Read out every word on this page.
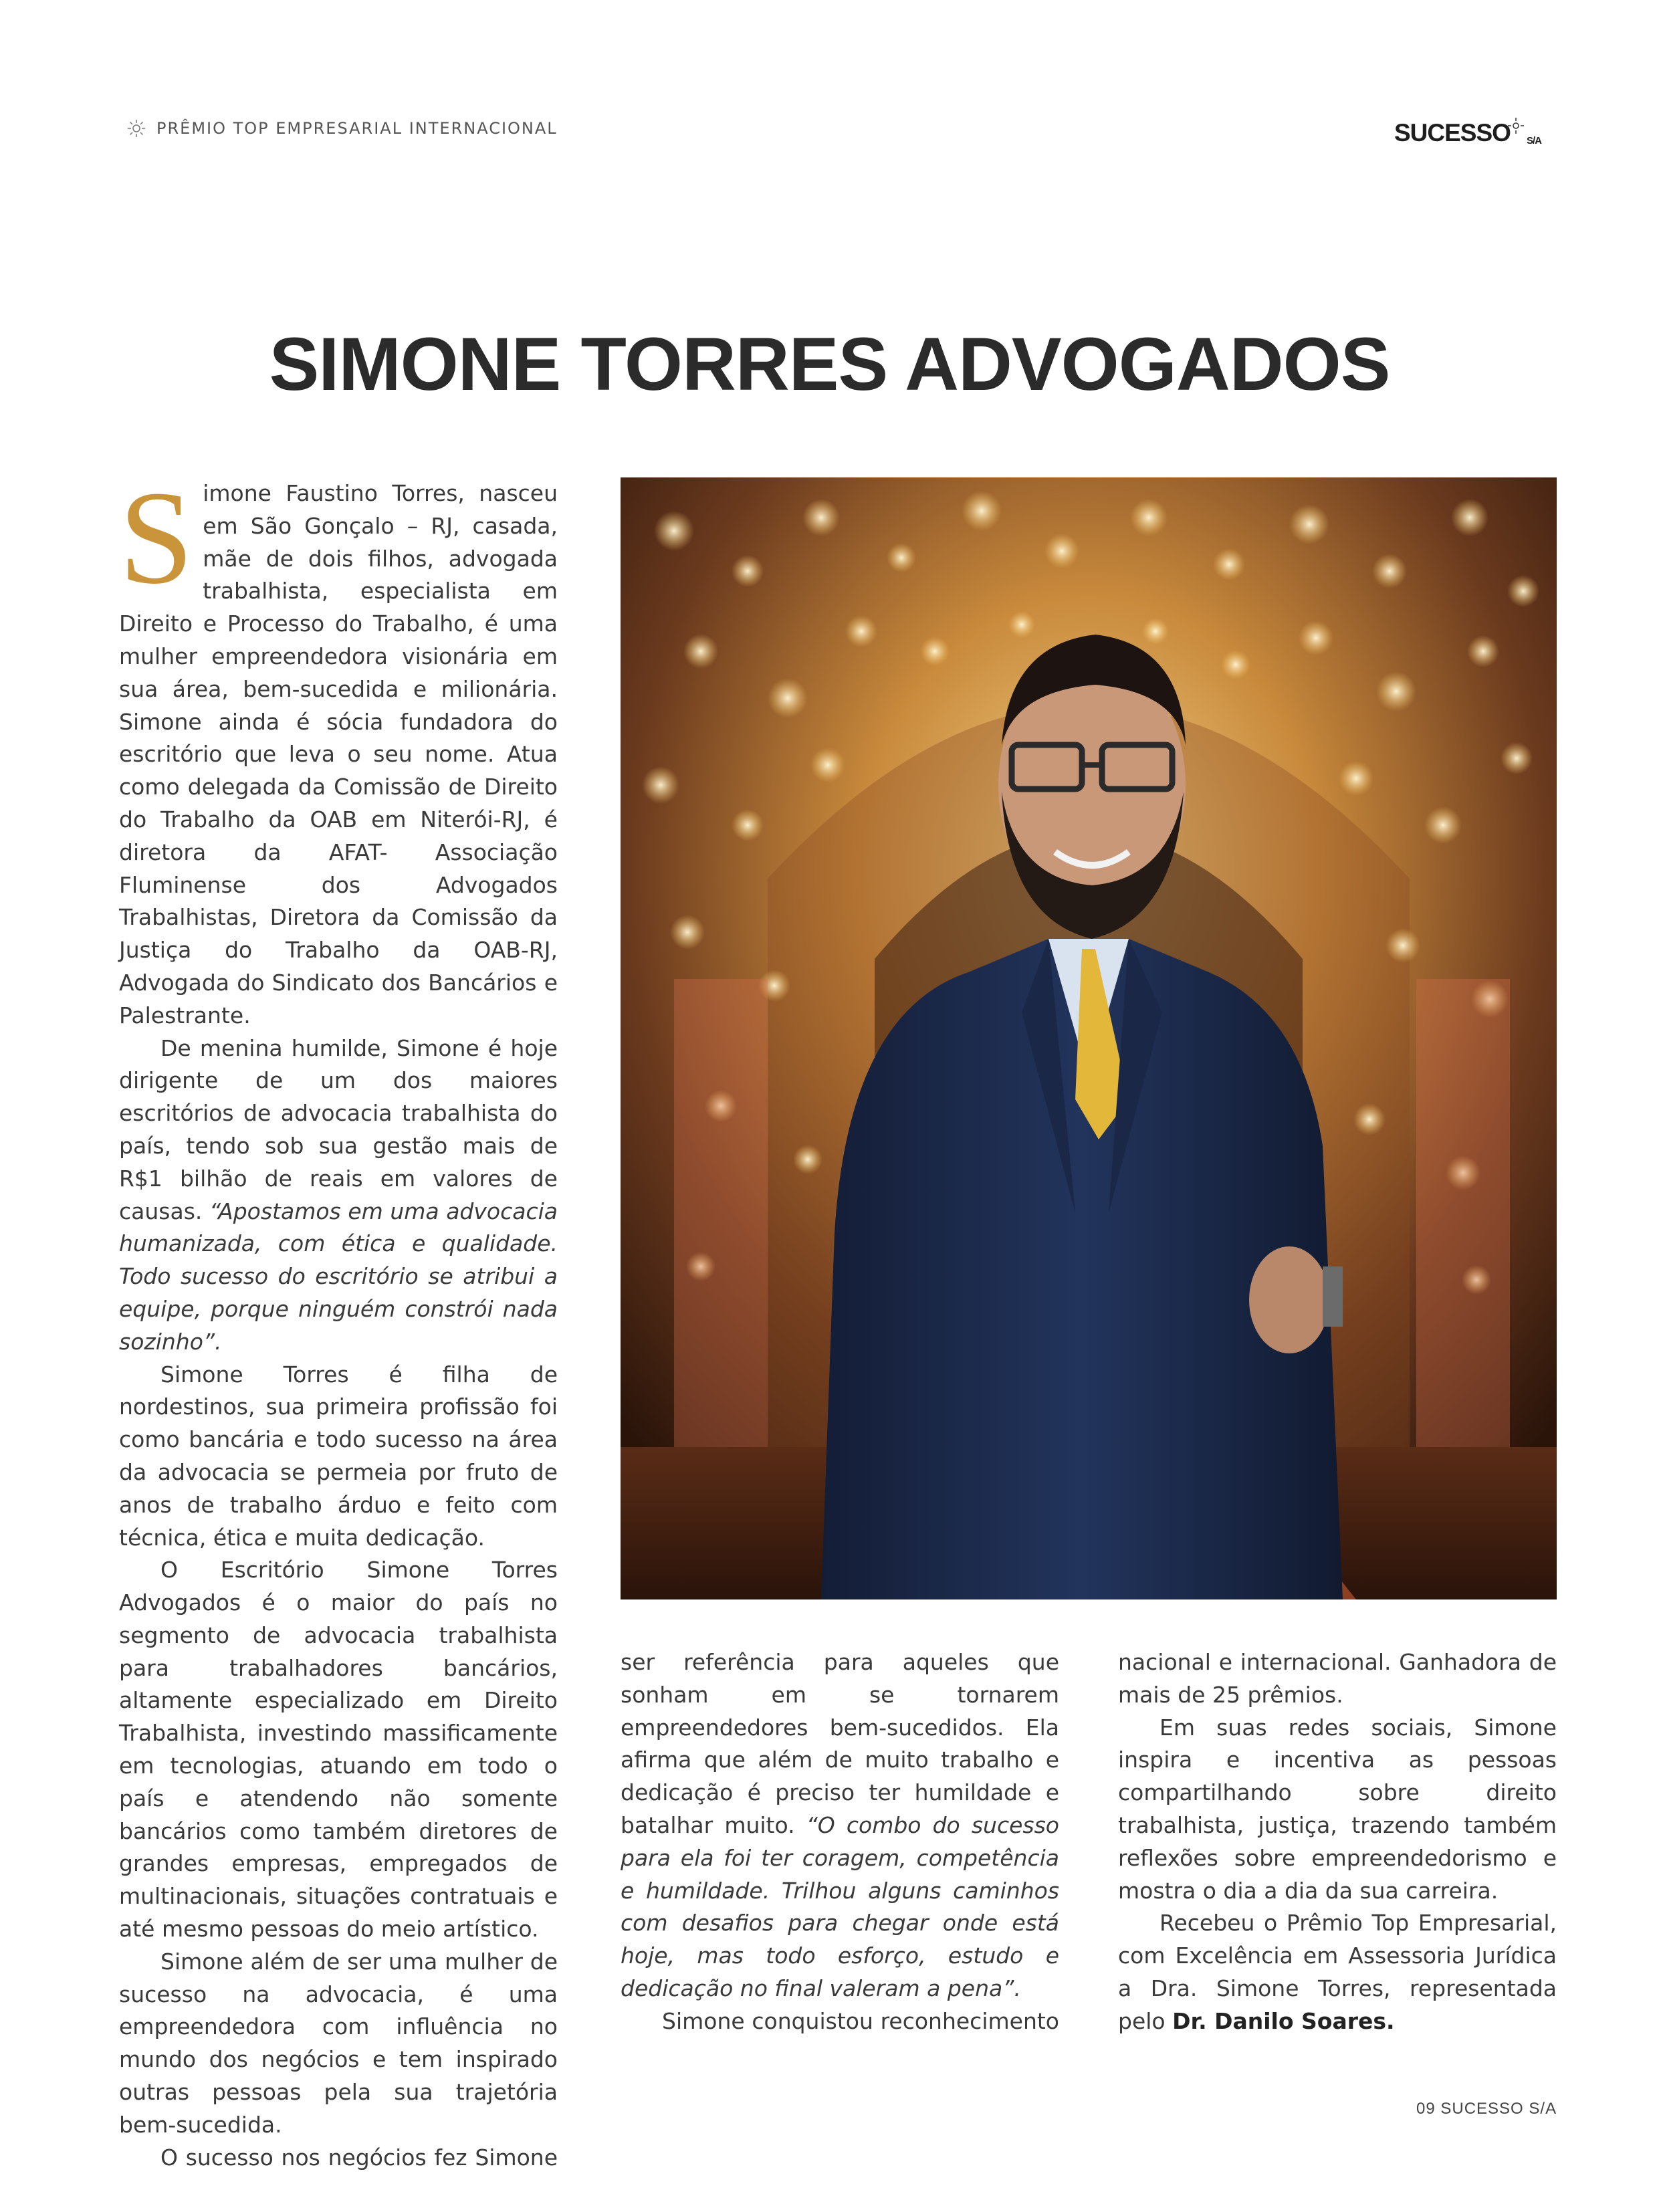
PRÊMIO TOP EMPRESARIAL INTERNACIONAL	SUCESSO S/A
SIMONE TORRES ADVOGADOS

Simone Faustino Torres, nasceu em São Gonçalo – RJ, casada, mãe de dois filhos, advogada trabalhista, especialista em Direito e Processo do Trabalho, é uma mulher empreendedora visionária em sua área, bem-sucedida e milionária. Simone ainda é sócia fundadora do escritório que leva o seu nome. Atua como delegada da Comissão de Direito do Trabalho da OAB em Niterói-RJ, é diretora da AFAT- Associação Fluminense dos Advogados Trabalhistas, Diretora da Comissão da Justiça do Trabalho da OAB-RJ, Advogada do Sindicato dos Bancários e Palestrante.

De menina humilde, Simone é hoje dirigente de um dos maiores escritórios de advocacia trabalhista do país, tendo sob sua gestão mais de R$1 bilhão de reais em valores de causas. “Apostamos em uma advocacia humanizada, com ética e qualidade. Todo sucesso do escritório se atribui a equipe, porque ninguém constrói nada sozinho”.

Simone Torres é filha de nordestinos, sua primeira profissão foi como bancária e todo sucesso na área da advocacia se permeia por fruto de anos de trabalho árduo e feito com técnica, ética e muita dedicação.

O Escritório Simone Torres Advogados é o maior do país no segmento de advocacia trabalhista para trabalhadores bancários, altamente especializado em Direito Trabalhista, investindo massificamente em tecnologias, atuando em todo o país e atendendo não somente bancários como também diretores de grandes empresas, empregados de multinacionais, situações contratuais e até mesmo pessoas do meio artístico.

Simone além de ser uma mulher de sucesso na advocacia, é uma empreendedora com influência no mundo dos negócios e tem inspirado outras pessoas pela sua trajetória bem-sucedida.

O sucesso nos negócios fez Simone

ser referência para aqueles que sonham em se tornarem empreendedores bem-sucedidos. Ela afirma que além de muito trabalho e dedicação é preciso ter humildade e batalhar muito. “O combo do sucesso para ela foi ter coragem, competência e humildade. Trilhou alguns caminhos com desafios para chegar onde está hoje, mas todo esforço, estudo e dedicação no final valeram a pena”.

Simone conquistou reconhecimento

nacional e internacional. Ganhadora de mais de 25 prêmios.

Em suas redes sociais, Simone inspira e incentiva as pessoas compartilhando sobre direito trabalhista, justiça, trazendo também reflexões sobre empreendedorismo e mostra o dia a dia da sua carreira.

Recebeu o Prêmio Top Empresarial, com Excelência em Assessoria Jurídica a Dra. Simone Torres, representada pelo Dr. Danilo Soares.

09 SUCESSO S/A
